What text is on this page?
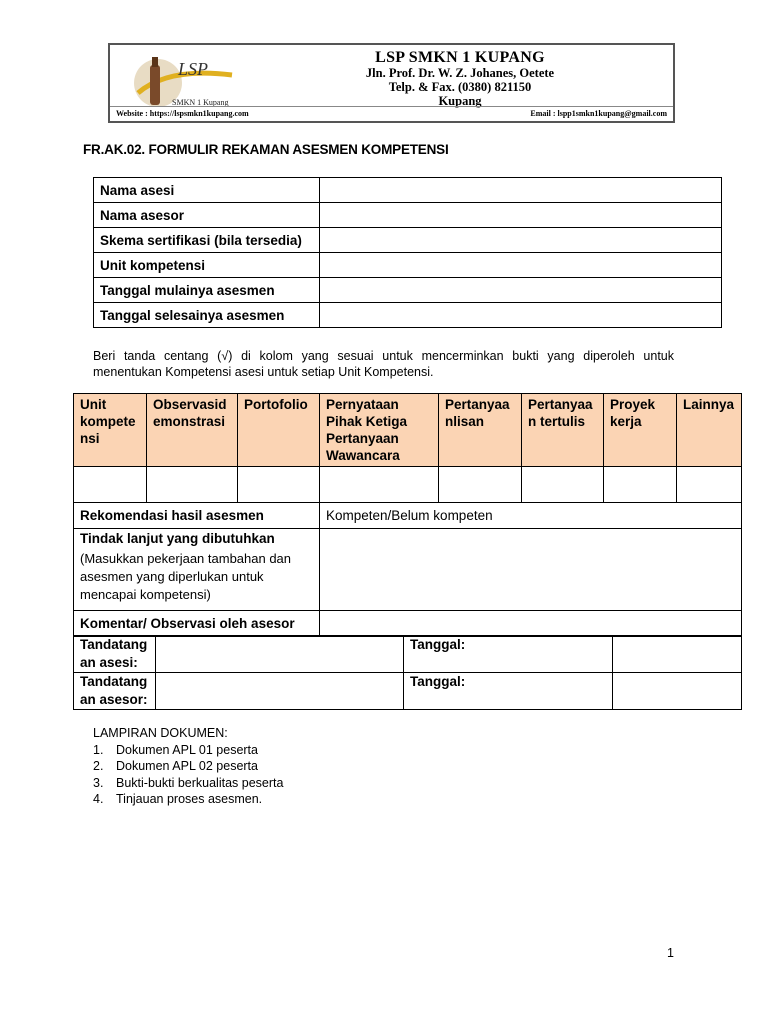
LSP
SMKN 1 Kupang
LSP SMKN 1 KUPANG
Jln. Prof. Dr. W. Z. Johanes, Oetete
Telp. & Fax. (0380) 821150
Kupang
Website : https://lspsmkn1kupang.com	Email : lspp1smkn1kupang@gmail.com
FR.AK.02. FORMULIR REKAMAN ASESMEN KOMPETENSI
Nama asesi	
Nama asesor	
Skema sertifikasi (bila tersedia)	
Unit kompetensi	
Tanggal mulainya asesmen	
Tanggal selesainya asesmen	
Beri tanda centang (√) di kolom yang sesuai untuk mencerminkan bukti yang diperoleh untuk menentukan Kompetensi asesi untuk setiap Unit Kompetensi.
Unit kompete nsi	Observasid emonstrasi	Portofolio	Pernyataan Pihak Ketiga Pertanyaan Wawancara	Pertanyaa nlisan	Pertanyaa n tertulis	Proyek kerja	Lainnya

Rekomendasi hasil asesmen			Kompeten/Belum kompeten				

Tindak lanjut yang dibutuhkan
(Masukkan pekerjaan tambahan dan asesmen yang diperlukan untuk mencapai kompetensi)							

Komentar/ Observasi oleh asesor							
Tandatang an asesi:		Tanggal:	
Tandatang an asesor:		Tanggal:	
LAMPIRAN DOKUMEN:
1. Dokumen APL 01 peserta
2. Dokumen APL 02 peserta
3. Bukti-bukti berkualitas peserta
4. Tinjauan proses asesmen.
1
